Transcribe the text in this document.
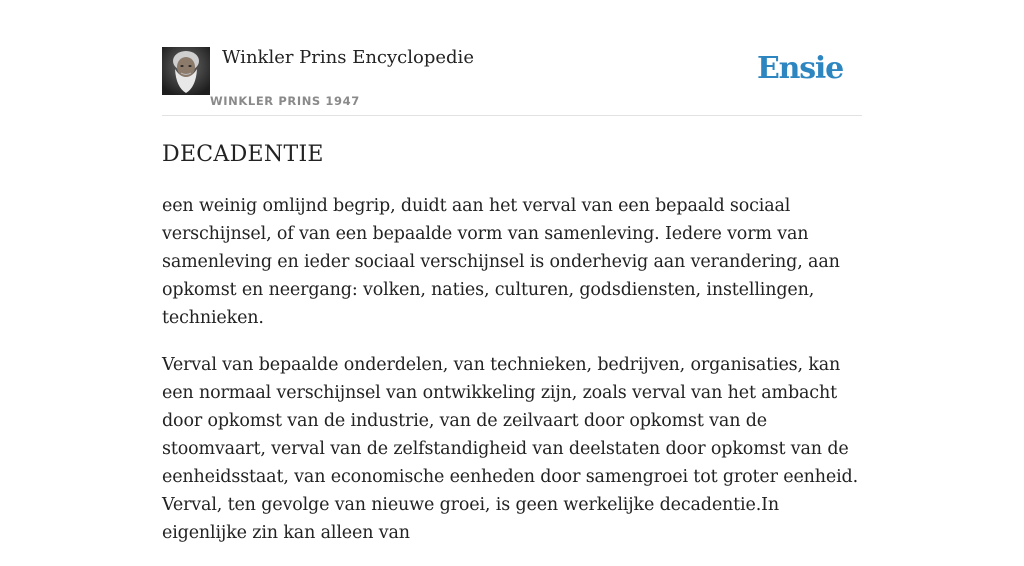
Winkler Prins Encyclopedie
WINKLER PRINS 1947
Ensie
DECADENTIE

een weinig omlijnd begrip, duidt aan het verval van een bepaald sociaal verschijnsel, of van een bepaalde vorm van samenleving. Iedere vorm van samenleving en ieder sociaal verschijnsel is onderhevig aan verandering, aan opkomst en neergang: volken, naties, culturen, godsdiensten, instellingen, technieken.

Verval van bepaalde onderdelen, van technieken, bedrijven, organisaties, kan een normaal verschijnsel van ontwikkeling zijn, zoals verval van het ambacht door opkomst van de industrie, van de zeilvaart door opkomst van de stoomvaart, verval van de zelfstandigheid van deelstaten door opkomst van de eenheidsstaat, van economische eenheden door samengroei tot groter eenheid. Verval, ten gevolge van nieuwe groei, is geen werkelijke decadentie.In eigenlijke zin kan alleen van
